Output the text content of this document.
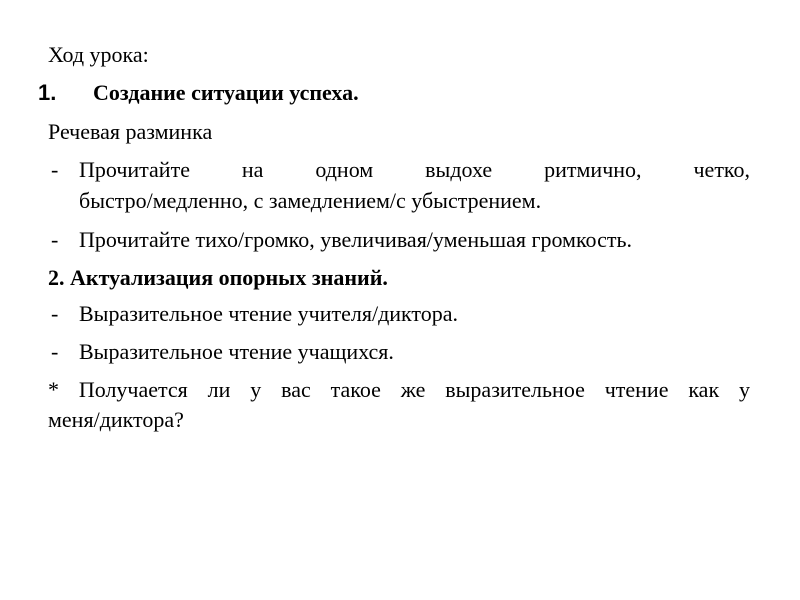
Ход урока:
1. Создание ситуации успеха.
Речевая разминка
- Прочитайте на одном выдохе ритмично, четко,
быстро/медленно, с замедлением/с убыстрением.
- Прочитайте тихо/громко, увеличивая/уменьшая громкость.
2. Актуализация опорных знаний.
- Выразительное чтение учителя/диктора.
- Выразительное чтение учащихся.
* Получается ли у вас такое же выразительное чтение как у
меня/диктора?
